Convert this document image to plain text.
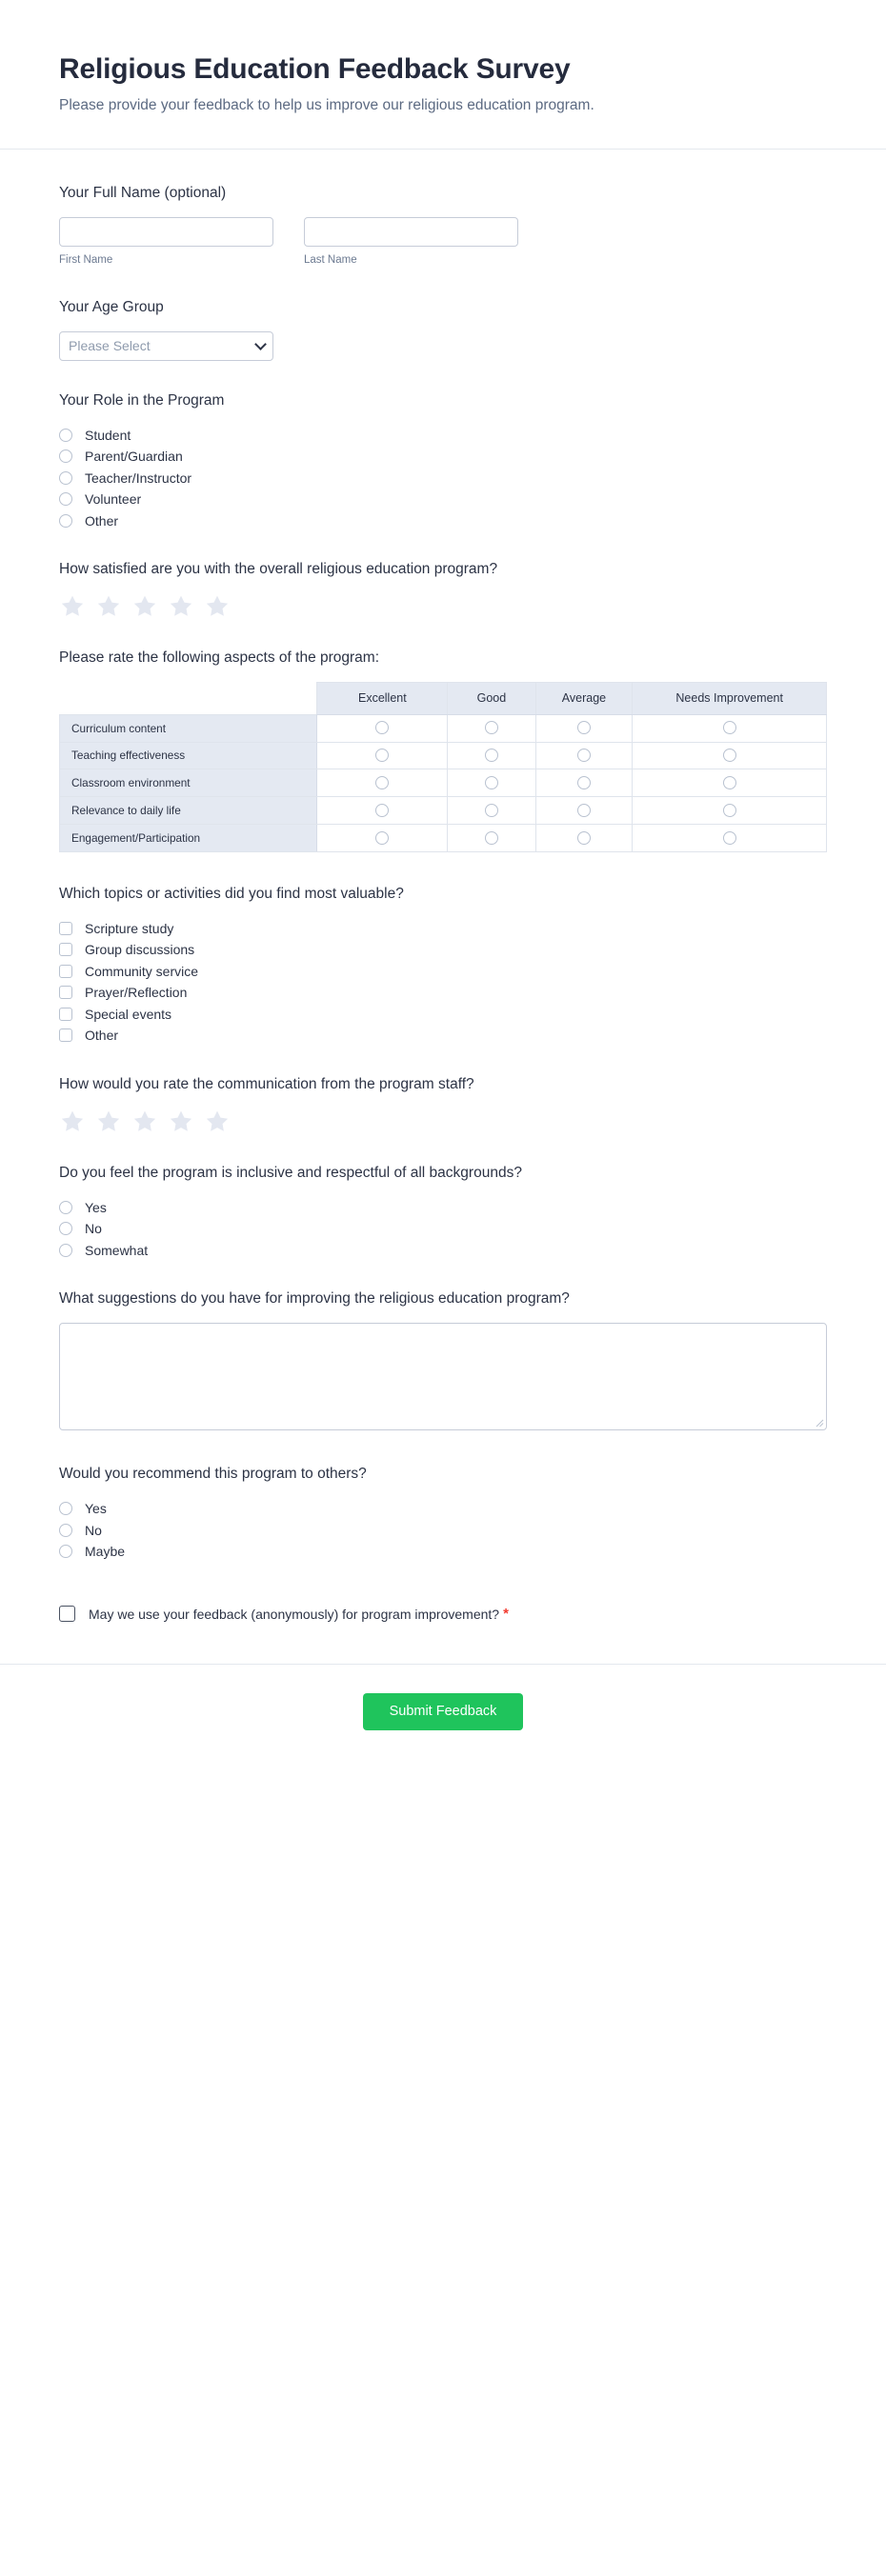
Religious Education Feedback Survey

Please provide your feedback to help us improve our religious education program.

Your Full Name (optional)
First Name	Last Name
Your Age Group
Please Select
Your Role in the Program
Student
Parent/Guardian
Teacher/Instructor
Volunteer
Other
How satisfied are you with the overall religious education program?
Please rate the following aspects of the program:
	Excellent	Good	Average	Needs Improvement
Curriculum content				
Teaching effectiveness				
Classroom environment				
Relevance to daily life				
Engagement/Participation				
Which topics or activities did you find most valuable?
Scripture study
Group discussions
Community service
Prayer/Reflection
Special events
Other
How would you rate the communication from the program staff?
Do you feel the program is inclusive and respectful of all backgrounds?
Yes
No
Somewhat
What suggestions do you have for improving the religious education program?
Would you recommend this program to others?
Yes
No
Maybe
May we use your feedback (anonymously) for program improvement? *
Submit Feedback
